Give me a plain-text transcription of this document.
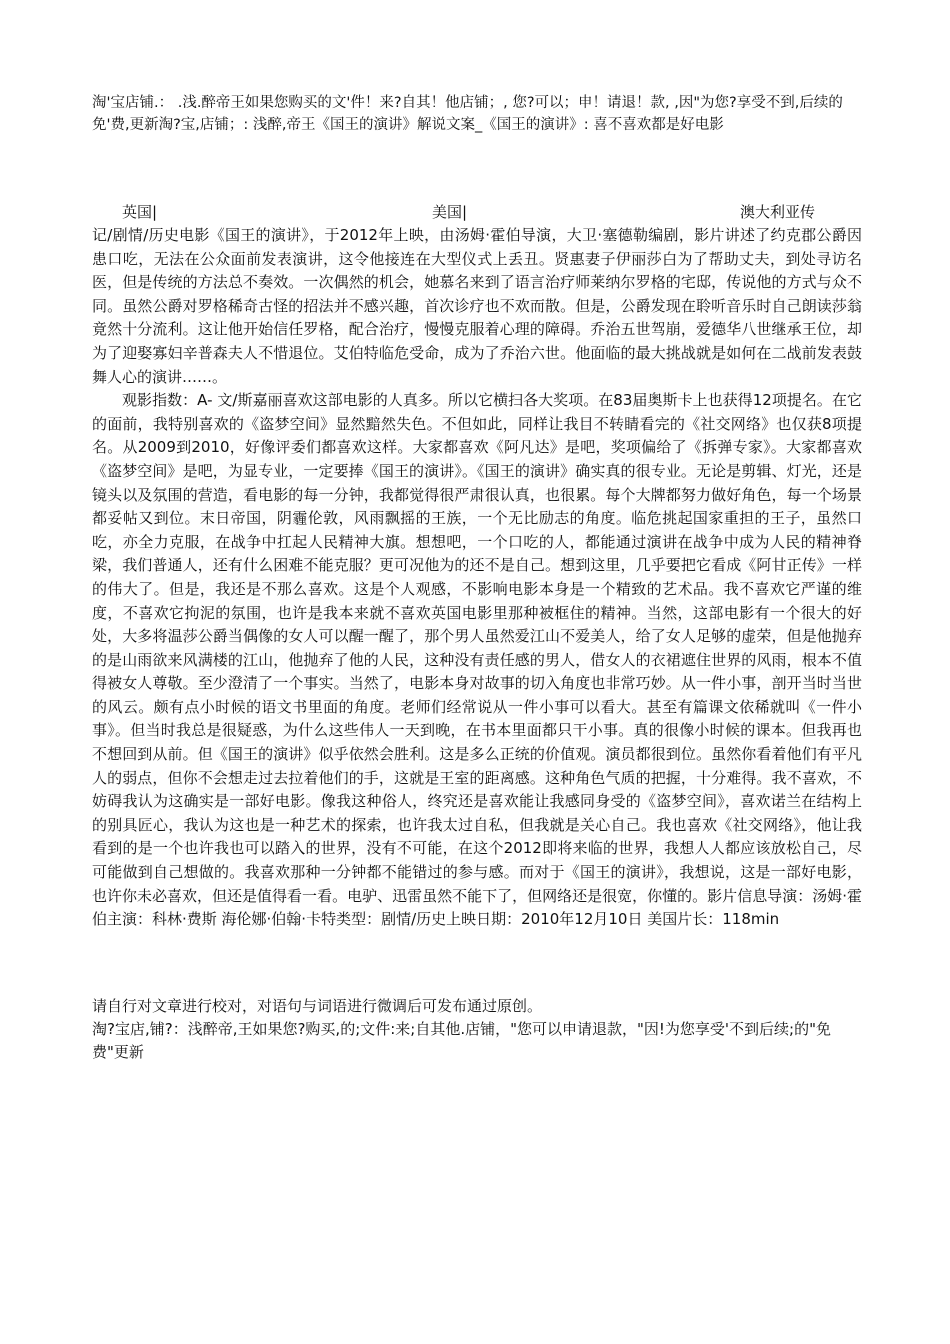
淘'宝店铺.： .浅.醉帝王如果您购买的文'件！来?自其！他店铺；, 您?可以；申！请退！款, ,因"为您?享受不到,后续的免'费,更新淘?宝,店铺；: 浅醉,帝王《国王的演讲》解说文案_《国王的演讲》: 喜不喜欢都是好电影

英国|	美国|	澳大利亚传

记/剧情/历史电影《国王的演讲》，于2012年上映，由汤姆·霍伯导演，大卫·塞德勒编剧，影片讲述了约克郡公爵因患口吃，无法在公众面前发表演讲，这令他接连在大型仪式上丢丑。贤惠妻子伊丽莎白为了帮助丈夫，到处寻访名医，但是传统的方法总不奏效。一次偶然的机会，她慕名来到了语言治疗师莱纳尔罗格的宅邸，传说他的方式与众不同。虽然公爵对罗格稀奇古怪的招法并不感兴趣，首次诊疗也不欢而散。但是，公爵发现在聆听音乐时自己朗读莎翁竟然十分流利。这让他开始信任罗格，配合治疗，慢慢克服着心理的障碍。乔治五世驾崩，爱德华八世继承王位，却为了迎娶寡妇辛普森夫人不惜退位。艾伯特临危受命，成为了乔治六世。他面临的最大挑战就是如何在二战前发表鼓舞人心的演讲……。

观影指数：A- 文/斯嘉丽喜欢这部电影的人真多。所以它横扫各大奖项。在83届奥斯卡上也获得12项提名。在它的面前，我特别喜欢的《盗梦空间》显然黯然失色。不但如此，同样让我目不转睛看完的《社交网络》也仅获8项提名。从2009到2010，好像评委们都喜欢这样。大家都喜欢《阿凡达》是吧，奖项偏给了《拆弹专家》。大家都喜欢《盗梦空间》是吧，为显专业，一定要捧《国王的演讲》。《国王的演讲》确实真的很专业。无论是剪辑、灯光，还是镜头以及氛围的营造，看电影的每一分钟，我都觉得很严肃很认真，也很累。每个大牌都努力做好角色，每一个场景都妥帖又到位。末日帝国，阴霾伦敦，风雨飘摇的王族，一个无比励志的角度。临危挑起国家重担的王子，虽然口吃，亦全力克服，在战争中扛起人民精神大旗。想想吧，一个口吃的人，都能通过演讲在战争中成为人民的精神脊梁，我们普通人，还有什么困难不能克服？更可况他为的还不是自己。想到这里，几乎要把它看成《阿甘正传》一样的伟大了。但是，我还是不那么喜欢。这是个人观感，不影响电影本身是一个精致的艺术品。我不喜欢它严谨的维度，不喜欢它拘泥的氛围，也许是我本来就不喜欢英国电影里那种被框住的精神。当然，这部电影有一个很大的好处，大多将温莎公爵当偶像的女人可以醒一醒了，那个男人虽然爱江山不爱美人，给了女人足够的虚荣，但是他抛弃的是山雨欲来风满楼的江山，他抛弃了他的人民，这种没有责任感的男人，借女人的衣裙遮住世界的风雨，根本不值得被女人尊敬。至少澄清了一个事实。当然了，电影本身对故事的切入角度也非常巧妙。从一件小事，剖开当时当世的风云。颇有点小时候的语文书里面的角度。老师们经常说从一件小事可以看大。甚至有篇课文依稀就叫《一件小事》。但当时我总是很疑惑，为什么这些伟人一天到晚，在书本里面都只干小事。真的很像小时候的课本。但我再也不想回到从前。但《国王的演讲》似乎依然会胜利。这是多么正统的价值观。演员都很到位。虽然你看着他们有平凡人的弱点，但你不会想走过去拉着他们的手，这就是王室的距离感。这种角色气质的把握，十分难得。我不喜欢，不妨碍我认为这确实是一部好电影。像我这种俗人，终究还是喜欢能让我感同身受的《盗梦空间》，喜欢诺兰在结构上的别具匠心，我认为这也是一种艺术的探索，也许我太过自私，但我就是关心自己。我也喜欢《社交网络》，他让我看到的是一个也许我也可以踏入的世界，没有不可能，在这个2012即将来临的世界，我想人人都应该放松自己，尽可能做到自己想做的。我喜欢那种一分钟都不能错过的参与感。而对于《国王的演讲》，我想说，这是一部好电影，也许你未必喜欢，但还是值得看一看。电驴、迅雷虽然不能下了，但网络还是很宽，你懂的。影片信息导演：汤姆·霍伯主演：科林·费斯 海伦娜·伯翰·卡特类型：剧情/历史上映日期：2010年12月10日 美国片长：118min

请自行对文章进行校对，对语句与词语进行微调后可发布通过原创。

淘?宝店,铺?：浅醉帝,王如果您?购买,的;文件:来;自其他.店铺，"您可以申请退款，"因!为您享受'不到后续;的"免费"更新
